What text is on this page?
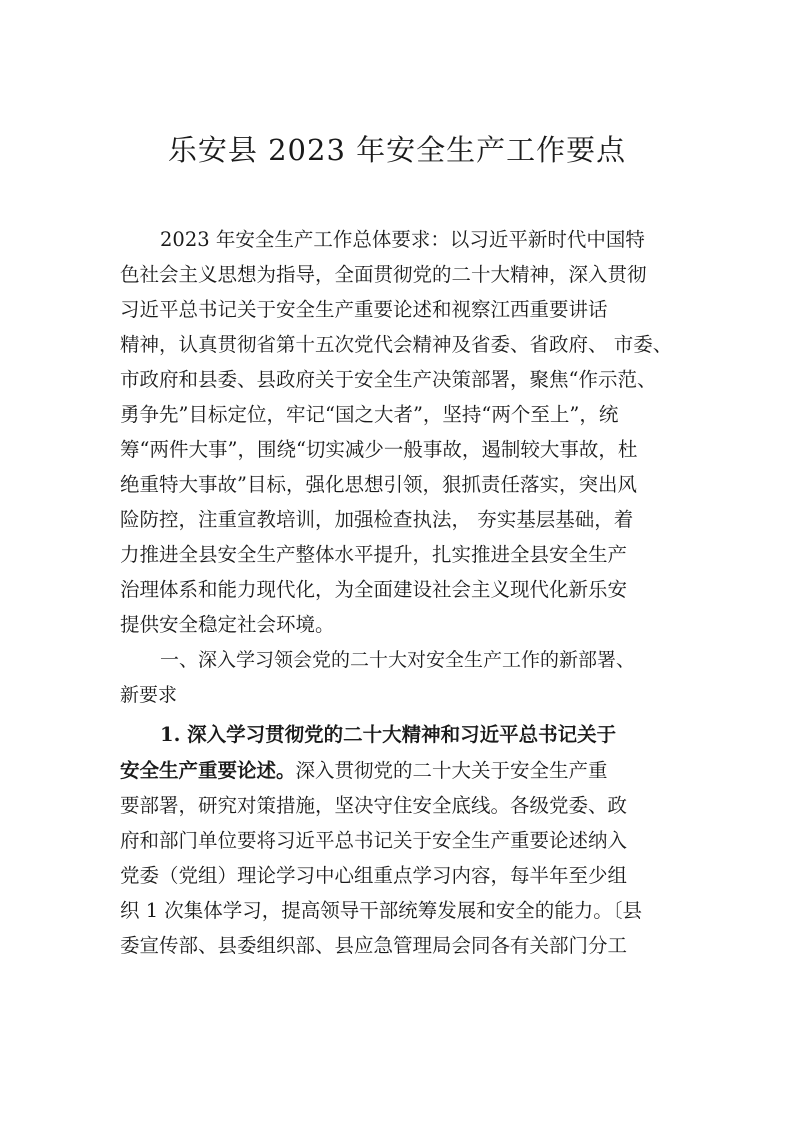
乐安县 2023 年安全生产工作要点
2023 年安全生产工作总体要求：以习近平新时代中国特
色社会主义思想为指导，全面贯彻党的二十大精神，深入贯彻
习近平总书记关于安全生产重要论述和视察江西重要讲话
精神，认真贯彻省第十五次党代会精神及省委、省政府、 市委、
市政府和县委、县政府关于安全生产决策部署，聚焦“作示范、
勇争先”目标定位，牢记“国之大者”，坚持“两个至上”，统
筹“两件大事”，围绕“切实减少一般事故，遏制较大事故，杜
绝重特大事故”目标，强化思想引领，狠抓责任落实，突出风
险防控，注重宣教培训，加强检查执法， 夯实基层基础，着
力推进全县安全生产整体水平提升，扎实推进全县安全生产
治理体系和能力现代化，为全面建设社会主义现代化新乐安
提供安全稳定社会环境。
一、深入学习领会党的二十大对安全生产工作的新部署、
新要求
1. 深入学习贯彻党的二十大精神和习近平总书记关于
安全生产重要论述。深入贯彻党的二十大关于安全生产重
要部署，研究对策措施，坚决守住安全底线。各级党委、政
府和部门单位要将习近平总书记关于安全生产重要论述纳入
党委（党组）理论学习中心组重点学习内容，每半年至少组
织 1 次集体学习，提高领导干部统筹发展和安全的能力。〔县
委宣传部、县委组织部、县应急管理局会同各有关部门分工
